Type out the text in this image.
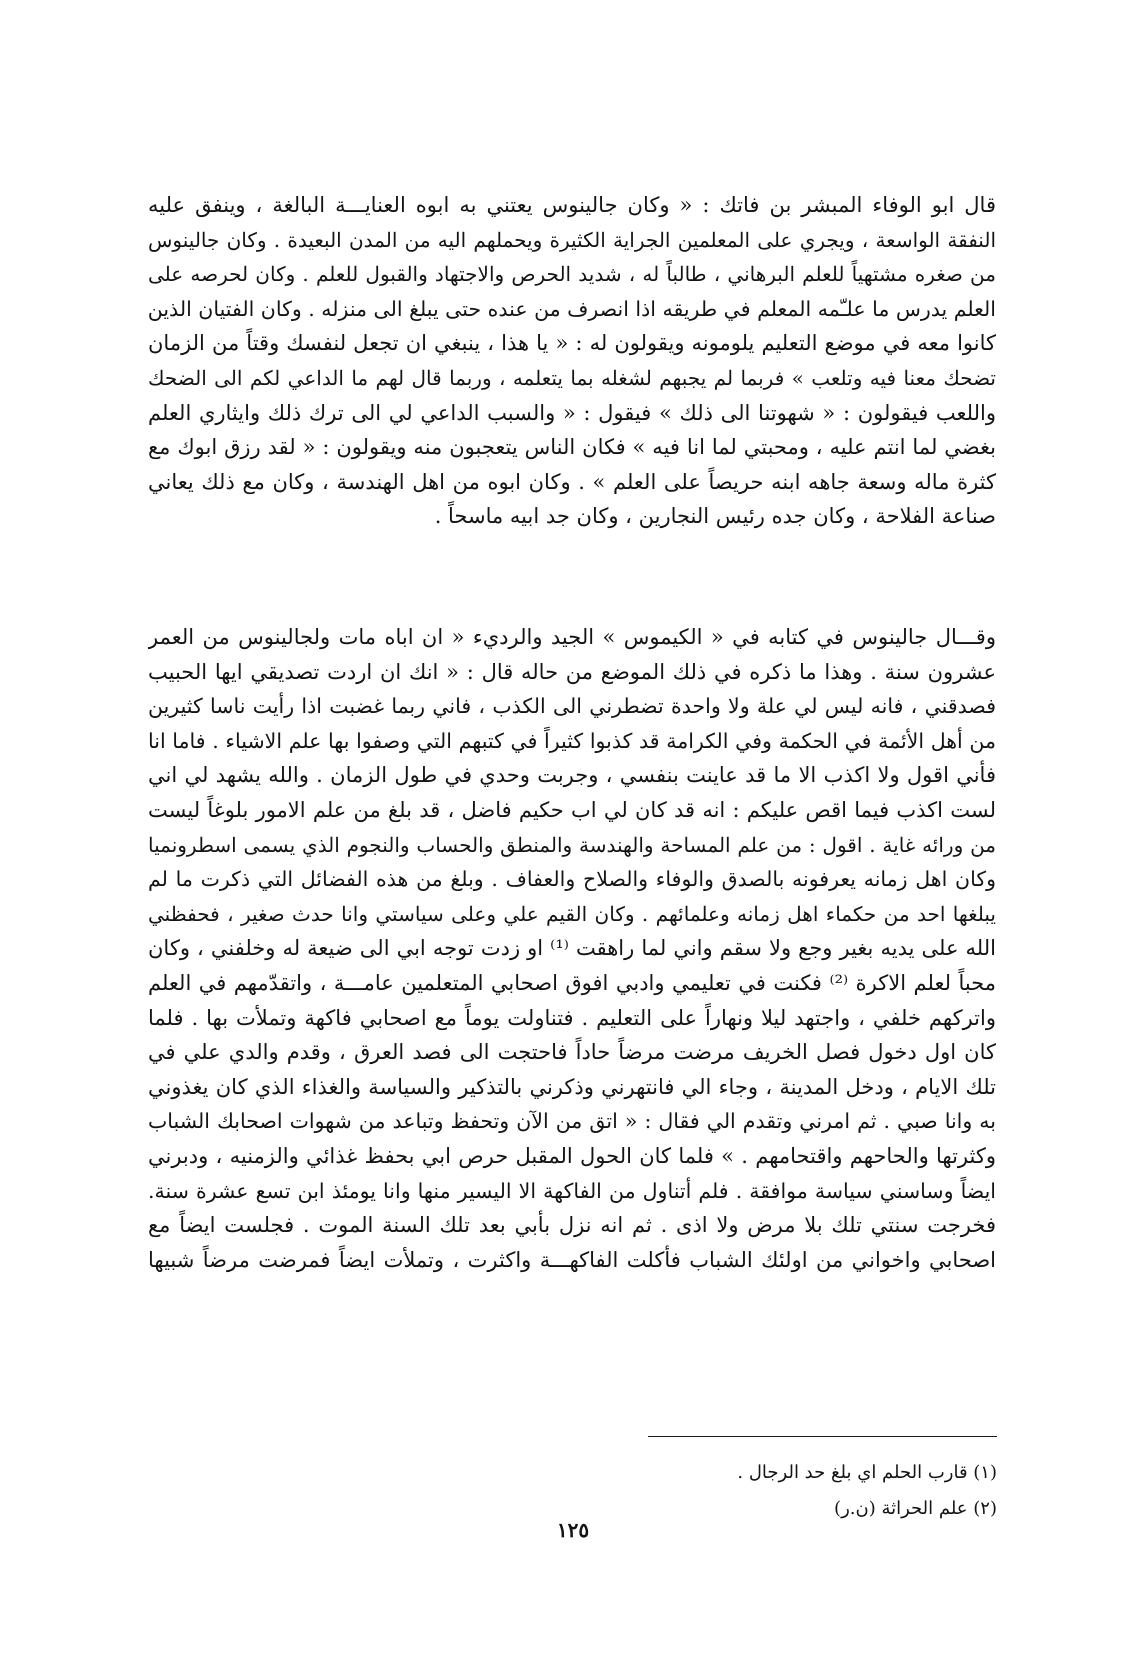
قال ابو الوفاء المبشر بن فاتك : « وكان جالينوس يعتني به ابوه العنايـــة البالغة ، وينفق عليه
النفقة الواسعة ، ويجري على المعلمين الجراية الكثيرة ويحملهم اليه من المدن البعيدة . وكان جالينوس
من صغره مشتهياً للعلم البرهاني ، طالباً له ، شديد الحرص والاجتهاد والقبول للعلم . وكان لحرصه على
العلم يدرس ما علـّمه المعلم في طريقه اذا انصرف من عنده حتى يبلغ الى منزله . وكان الفتيان الذين
كانوا معه في موضع التعليم يلومونه ويقولون له : « يا هذا ، ينبغي ان تجعل لنفسك وقتاً من الزمان
تضحك معنا فيه وتلعب » فربما لم يجبهم لشغله بما يتعلمه ، وربما قال لهم ما الداعي لكم الى الضحك
واللعب فيقولون : « شهوتنا الى ذلك » فيقول : « والسبب الداعي لي الى ترك ذلك وايثاري العلم
بغضي لما انتم عليه ، ومحبتي لما انا فيه » فكان الناس يتعجبون منه ويقولون : « لقد رزق ابوك مع
كثرة ماله وسعة جاهه ابنه حريصاً على العلم » . وكان ابوه من اهل الهندسة ، وكان مع ذلك يعاني
صناعة الفلاحة ، وكان جده رئيس النجارين ، وكان جد ابيه ماسحاً .
وقـــال جالينوس في كتابه في « الكيموس » الجيد والرديء « ان اباه مات ولجالينوس من العمر
عشرون سنة . وهذا ما ذكره في ذلك الموضع من حاله قال : « انك ان اردت تصديقي ايها الحبيب
فصدقني ، فانه ليس لي علة ولا واحدة تضطرني الى الكذب ، فاني ربما غضبت اذا رأيت ناسا كثيرين
من أهل الأئمة في الحكمة وفي الكرامة قد كذبوا كثيراً في كتبهم التي وصفوا بها علم الاشياء . فاما انا
فأني اقول ولا اكذب الا ما قد عاينت بنفسي ، وجربت وحدي في طول الزمان . والله يشهد لي اني
لست اكذب فيما اقص عليكم : انه قد كان لي اب حكيم فاضل ، قد بلغ من علم الامور بلوغاً ليست
من ورائه غاية . اقول : من علم المساحة والهندسة والمنطق والحساب والنجوم الذي يسمى اسطرونميا
وكان اهل زمانه يعرفونه بالصدق والوفاء والصلاح والعفاف . وبلغ من هذه الفضائل التي ذكرت ما لم
يبلغها احد من حكماء اهل زمانه وعلمائهم . وكان القيم علي وعلى سياستي وانا حدث صغير ، فحفظني
الله على يديه بغير وجع ولا سقم واني لما راهقت ⁽¹⁾ او زدت توجه ابي الى ضيعة له وخلفني ، وكان
محباً لعلم الاكرة ⁽²⁾ فكنت في تعليمي وادبي افوق اصحابي المتعلمين عامـــة ، واتقدّمهم في العلم
واتركهم خلفي ، واجتهد ليلا ونهاراً على التعليم . فتناولت يوماً مع اصحابي فاكهة وتملأت بها . فلما
كان اول دخول فصل الخريف مرضت مرضاً حاداً فاحتجت الى فصد العرق ، وقدم والدي علي في
تلك الايام ، ودخل المدينة ، وجاء الي فانتهرني وذكرني بالتذكير والسياسة والغذاء الذي كان يغذوني
به وانا صبي . ثم امرني وتقدم الي فقال : « اتق من الآن وتحفظ وتباعد من شهوات اصحابك الشباب
وكثرتها والحاحهم واقتحامهم . » فلما كان الحول المقبل حرص ابي بحفظ غذائي والزمنيه ، ودبرني
ايضاً وساسني سياسة موافقة . فلم أتناول من الفاكهة الا اليسير منها وانا يومئذ ابن تسع عشرة سنة.
فخرجت سنتي تلك بلا مرض ولا اذى . ثم انه نزل بأبي بعد تلك السنة الموت . فجلست ايضاً مع
اصحابي واخواني من اولئك الشباب فأكلت الفاكهـــة واكثرت ، وتملأت ايضاً فمرضت مرضاً شبيها
(١) قارب الحلم اي بلغ حد الرجال .
(٢) علم الحراثة (ن.ر)
١٢٥
